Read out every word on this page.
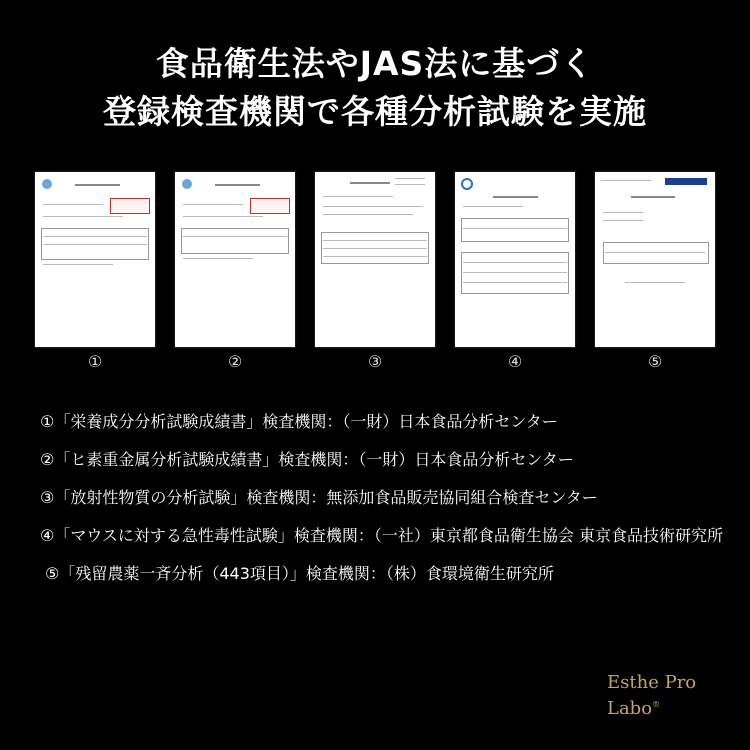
食品衛生法やJAS法に基づく
登録検査機関で各種分析試験を実施
①	②	③	④	⑤
①「栄養成分分析試験成績書」検査機関：（一財）日本食品分析センター
②「ヒ素重金属分析試験成績書」検査機関：（一財）日本食品分析センター
③「放射性物質の分析試験」検査機関：無添加食品販売協同組合検査センター
④「マウスに対する急性毒性試験」検査機関：（一社）東京都食品衛生協会 東京食品技術研究所
⑤「残留農薬一斉分析（443項目）」検査機関：（株）食環境衛生研究所
Esthe Pro
Labo®
